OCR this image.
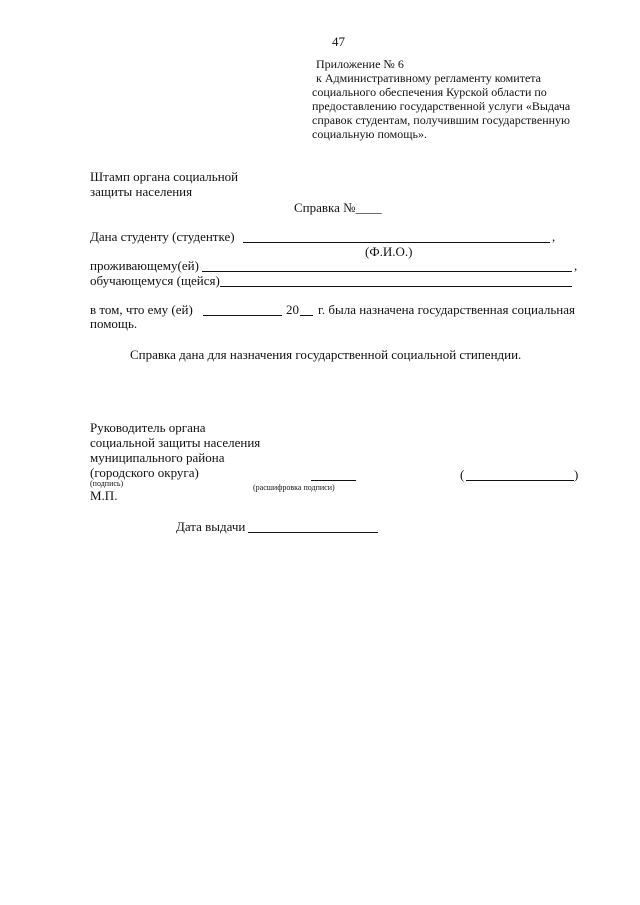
47
Приложение № 6
к Административному регламенту комитета
социального обеспечения Курской области по
предоставлению государственной услуги «Выдача
справок студентам, получившим государственную
социальную помощь».
Штамп органа социальной
защиты населения
Справка №____
Дана студенту (студентке)	,
(Ф.И.О.)
проживающему(ей)	,
обучающемуся (щейся)
в том, что ему (ей)	20 г. была назначена государственная социальная
помощь.
Справка дана для назначения государственной социальной стипендии.
Руководитель органа
социальной защиты населения
муниципального района
(городского округа)
(подпись)	(расшифровка подписи)
(	)
М.П.
Дата выдачи
